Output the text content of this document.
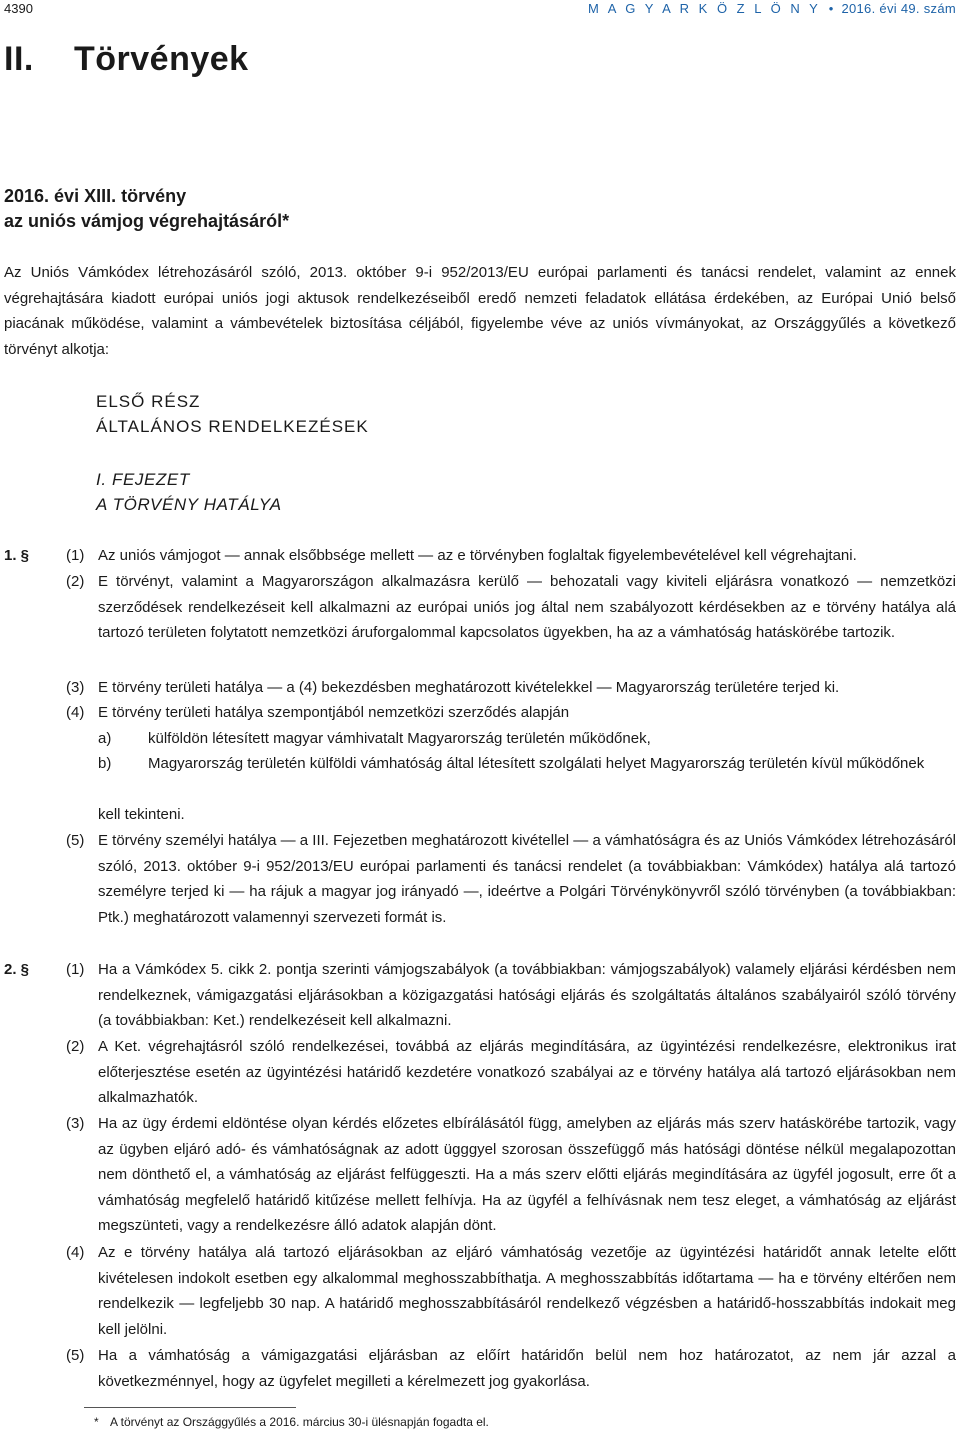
4390	M A G Y A R K Ö Z L Ö N Y • 2016. évi 49. szám
II. Törvények
2016. évi XIII. törvény
az uniós vámjog végrehajtásáról*
Az Uniós Vámkódex létrehozásáról szóló, 2013. október 9-i 952/2013/EU európai parlamenti és tanácsi rendelet, valamint az ennek végrehajtására kiadott európai uniós jogi aktusok rendelkezéseiből eredő nemzeti feladatok ellátása érdekében, az Európai Unió belső piacának működése, valamint a vámbevételek biztosítása céljából, figyelembe véve az uniós vívmányokat, az Országgyűlés a következő törvényt alkotja:
ELSŐ RÉSZ
ÁLTALÁNOS RENDELKEZÉSEK
I. FEJEZET
A TÖRVÉNY HATÁLYA
1. § (1) Az uniós vámjogot — annak elsőbbsége mellett — az e törvényben foglaltak figyelembevételével kell végrehajtani.
(2) E törvényt, valamint a Magyarországon alkalmazásra kerülő — behozatali vagy kiviteli eljárásra vonatkozó — nemzetközi szerződések rendelkezéseit kell alkalmazni az európai uniós jog által nem szabályozott kérdésekben az e törvény hatálya alá tartozó területen folytatott nemzetközi áruforgalommal kapcsolatos ügyekben, ha az a vámhatóság hatáskörébe tartozik.
(3) E törvény területi hatálya — a (4) bekezdésben meghatározott kivételekkel — Magyarország területére terjed ki.
(4) E törvény területi hatálya szempontjából nemzetközi szerződés alapján
a) külföldön létesített magyar vámhivatalt Magyarország területén működőnek,
b) Magyarország területén külföldi vámhatóság által létesített szolgálati helyet Magyarország területén kívül működőnek
kell tekinteni.
(5) E törvény személyi hatálya — a III. Fejezetben meghatározott kivétellel — a vámhatóságra és az Uniós Vámkódex létrehozásáról szóló, 2013. október 9-i 952/2013/EU európai parlamenti és tanácsi rendelet (a továbbiakban: Vámkódex) hatálya alá tartozó személyre terjed ki — ha rájuk a magyar jog irányadó —, ideértve a Polgári Törvénykönyvről szóló törvényben (a továbbiakban: Ptk.) meghatározott valamennyi szervezeti formát is.
2. § (1) Ha a Vámkódex 5. cikk 2. pontja szerinti vámjogszabályok (a továbbiakban: vámjogszabályok) valamely eljárási kérdésben nem rendelkeznek, vámigazgatási eljárásokban a közigazgatási hatósági eljárás és szolgáltatás általános szabályairól szóló törvény (a továbbiakban: Ket.) rendelkezéseit kell alkalmazni.
(2) A Ket. végrehajtásról szóló rendelkezései, továbbá az eljárás megindítására, az ügyintézési rendelkezésre, elektronikus irat előterjesztése esetén az ügyintézési határidő kezdetére vonatkozó szabályai az e törvény hatálya alá tartozó eljárásokban nem alkalmazhatók.
(3) Ha az ügy érdemi eldöntése olyan kérdés előzetes elbírálásától függ, amelyben az eljárás más szerv hatáskörébe tartozik, vagy az ügyben eljáró adó- és vámhatóságnak az adott ügggyel szorosan összefüggő más hatósági döntése nélkül megalapozottan nem dönthető el, a vámhatóság az eljárást felfüggeszti. Ha a más szerv előtti eljárás megindítására az ügyfél jogosult, erre őt a vámhatóság megfelelő határidő kitűzése mellett felhívja. Ha az ügyfél a felhívásnak nem tesz eleget, a vámhatóság az eljárást megszünteti, vagy a rendelkezésre álló adatok alapján dönt.
(4) Az e törvény hatálya alá tartozó eljárásokban az eljáró vámhatóság vezetője az ügyintézési határidőt annak letelte előtt kivételesen indokolt esetben egy alkalommal meghosszabbíthatja. A meghosszabbítás időtartama — ha e törvény eltérően nem rendelkezik — legfeljebb 30 nap. A határidő meghosszabbításáról rendelkező végzésben a határidő-hosszabbítás indokait meg kell jelölni.
(5) Ha a vámhatóság a vámigazgatási eljárásban az előírt határidőn belül nem hoz határozatot, az nem jár azzal a következménnyel, hogy az ügyfelet megilleti a kérelmezett jog gyakorlása.
* A törvényt az Országgyűlés a 2016. március 30-i ülésnapján fogadta el.
